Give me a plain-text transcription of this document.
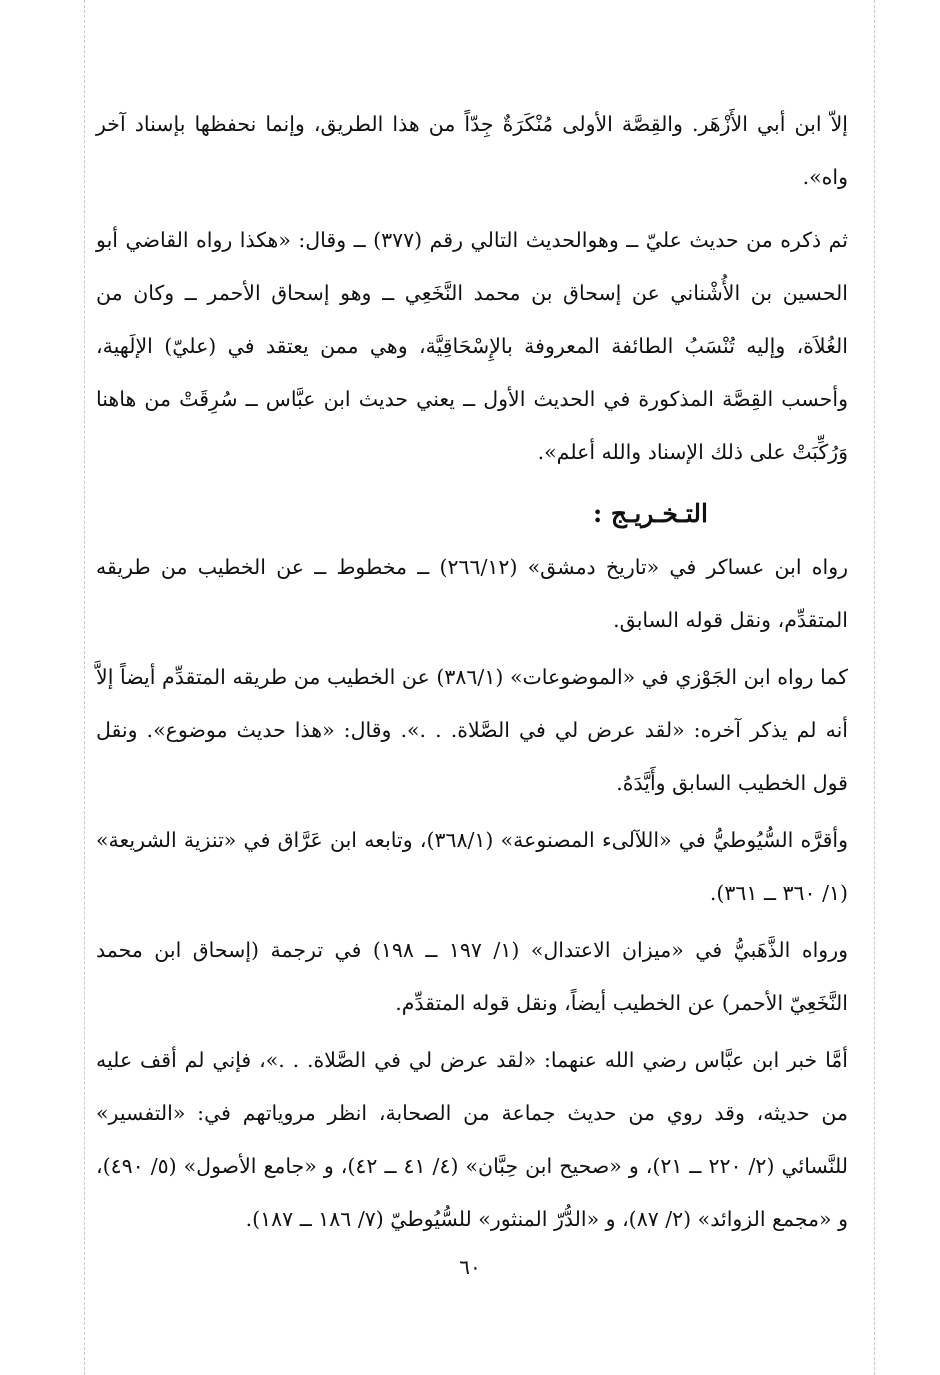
إلاّ ابن أبي الأَزْهَر. والقِصَّة الأولى مُنْكَرَةٌ جِدّاً من هذا الطريق، وإنما نحفظها بإسناد آخر واه».

ثم ذكره من حديث عليّ ــ وهوالحديث التالي رقم (٣٧٧) ــ وقال: «هكذا رواه القاضي أبو الحسين بن الأُشْناني عن إسحاق بن محمد النَّخَعِي ــ وهو إسحاق الأحمر ــ وكان من الغُلاَة، وإليه تُنْسَبُ الطائفة المعروفة بالإِسْحَاقِيَّة، وهي ممن يعتقد في (عليّ) الإلَهية، وأحسب القِصَّة المذكورة في الحديث الأول ــ يعني حديث ابن عبَّاس ــ سُرِقَتْ من هاهنا وَرُكِّبَتْ على ذلك الإسناد والله أعلم».

التـخـريـج :

رواه ابن عساكر في «تاريخ دمشق» (٢٦٦/١٢) ــ مخطوط ــ عن الخطيب من طريقه المتقدِّم، ونقل قوله السابق.

كما رواه ابن الجَوْزي في «الموضوعات» (٣٨٦/١) عن الخطيب من طريقه المتقدِّم أيضاً إلاَّ أنه لم يذكر آخره: «لقد عرض لي في الصَّلاة. . .». وقال: «هذا حديث موضوع». ونقل قول الخطيب السابق وأَيَّدَهُ.

وأقرَّه السُّيُوطيُّ في «اللآلىء المصنوعة» (٣٦٨/١)، وتابعه ابن عَرَّاق في «تنزية الشريعة» (١/ ٣٦٠ ــ ٣٦١).

ورواه الذَّهَبيُّ في «ميزان الاعتدال» (١/ ١٩٧ ــ ١٩٨) في ترجمة (إسحاق ابن محمد النَّخَعِيّ الأحمر) عن الخطيب أيضاً، ونقل قوله المتقدِّم.

أمَّا خبر ابن عبَّاس رضي الله عنهما: «لقد عرض لي في الصَّلاة. . .»، فإني لم أقف عليه من حديثه، وقد روي من حديث جماعة من الصحابة، انظر مروياتهم في: «التفسير» للنَّسائي (٢/ ٢٢٠ ــ ٢١)، و «صحيح ابن حِبَّان» (٤/ ٤١ ــ ٤٢)، و «جامع الأصول» (٥/ ٤٩٠)، و «مجمع الزوائد» (٢/ ٨٧)، و «الدُّرّ المنثور» للسُّيُوطيّ (٧/ ١٨٦ ــ ١٨٧).

٦٠
